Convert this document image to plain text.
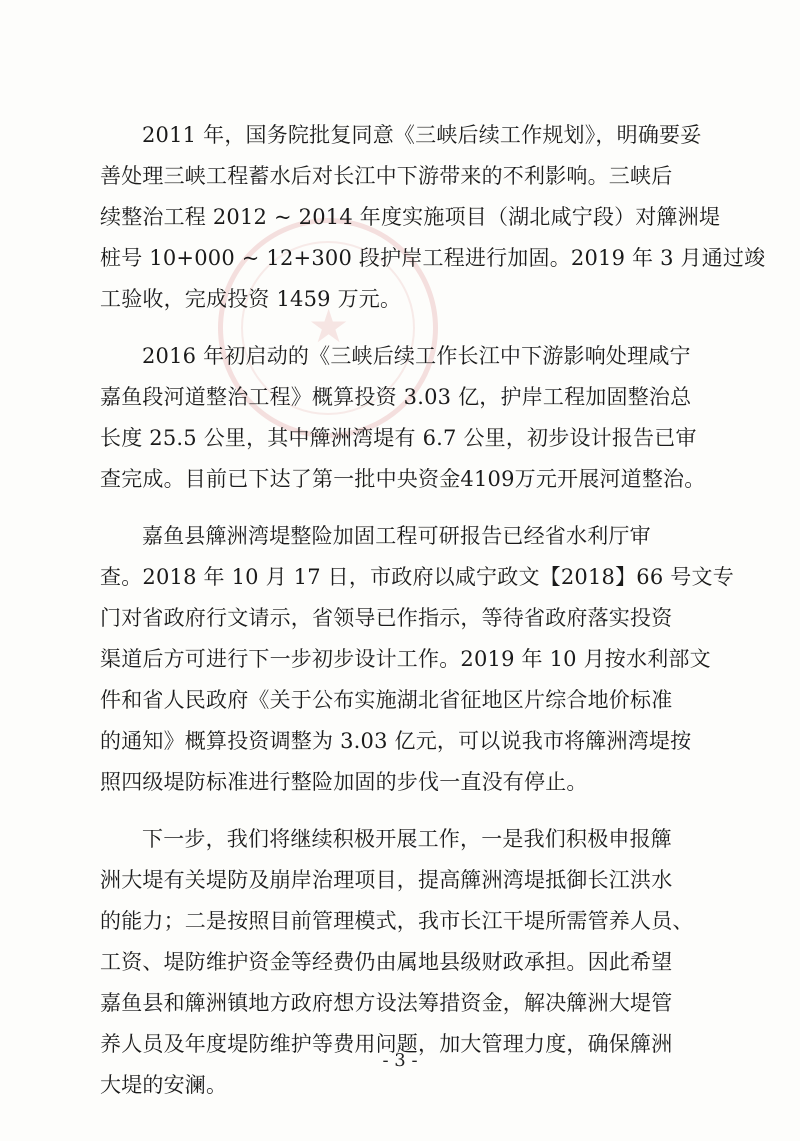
★

2011 年，国务院批复同意《三峡后续工作规划》，明确要妥
善处理三峡工程蓄水后对长江中下游带来的不利影响。三峡后
续整治工程 2012 ~ 2014 年度实施项目（湖北咸宁段）对簰洲堤
桩号 10+000 ~ 12+300 段护岸工程进行加固。2019 年 3 月通过竣
工验收，完成投资 1459 万元。

2016 年初启动的《三峡后续工作长江中下游影响处理咸宁
嘉鱼段河道整治工程》概算投资 3.03 亿，护岸工程加固整治总
长度 25.5 公里，其中簰洲湾堤有 6.7 公里，初步设计报告已审
查完成。目前已下达了第一批中央资金4109万元开展河道整治。

嘉鱼县簰洲湾堤整险加固工程可研报告已经省水利厅审
查。2018 年 10 月 17 日，市政府以咸宁政文【2018】66 号文专
门对省政府行文请示，省领导已作指示，等待省政府落实投资
渠道后方可进行下一步初步设计工作。2019 年 10 月按水利部文
件和省人民政府《关于公布实施湖北省征地区片综合地价标准
的通知》概算投资调整为 3.03 亿元，可以说我市将簰洲湾堤按
照四级堤防标准进行整险加固的步伐一直没有停止。

下一步，我们将继续积极开展工作，一是我们积极申报簰
洲大堤有关堤防及崩岸治理项目，提高簰洲湾堤抵御长江洪水
的能力；二是按照目前管理模式，我市长江干堤所需管养人员、
工资、堤防维护资金等经费仍由属地县级财政承担。因此希望
嘉鱼县和簰洲镇地方政府想方设法筹措资金，解决簰洲大堤管
养人员及年度堤防维护等费用问题，加大管理力度，确保簰洲
大堤的安澜。

- 3 -
